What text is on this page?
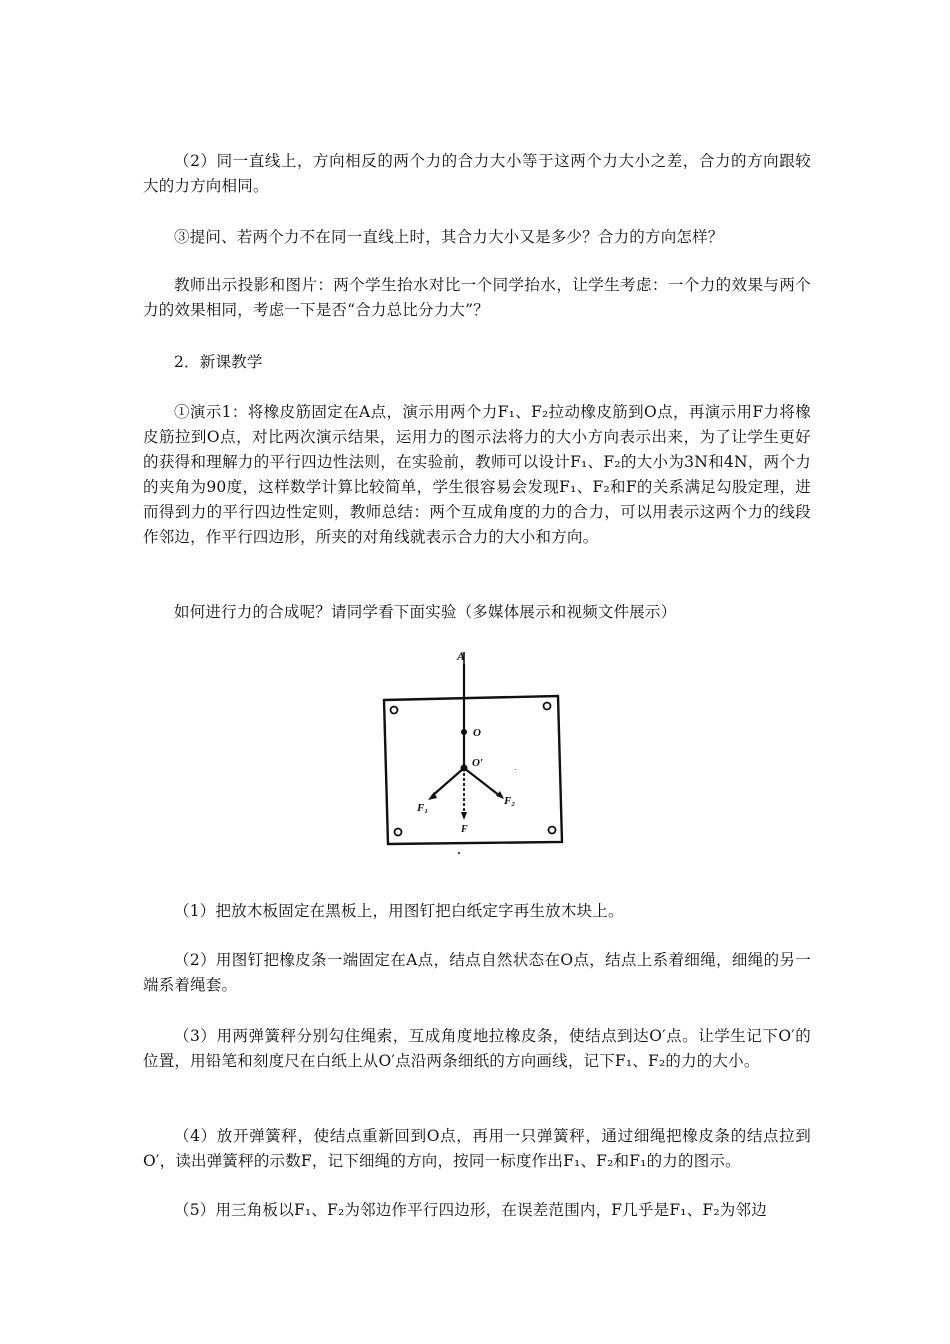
（2）同一直线上，方向相反的两个力的合力大小等于这两个力大小之差，合力的方向跟较大的力方向相同。

③提问、若两个力不在同一直线上时，其合力大小又是多少？合力的方向怎样？

教师出示投影和图片：两个学生抬水对比一个同学抬水，让学生考虑：一个力的效果与两个力的效果相同，考虑一下是否“合力总比分力大”？

2．新课教学

①演示1：将橡皮筋固定在A点，演示用两个力F₁、F₂拉动橡皮筋到O点，再演示用F力将橡皮筋拉到O点，对比两次演示结果，运用力的图示法将力的大小方向表示出来，为了让学生更好的获得和理解力的平行四边性法则，在实验前，教师可以设计F₁、F₂的大小为3N和4N，两个力的夹角为90度，这样数学计算比较简单，学生很容易会发现F₁、F₂和F的关系满足勾股定理，进而得到力的平行四边性定则，教师总结：两个互成角度的力的合力，可以用表示这两个力的线段作邻边，作平行四边形，所夹的对角线就表示合力的大小和方向。

如何进行力的合成呢？请同学看下面实验（多媒体展示和视频文件展示）

.
A
O
O′
F₁
F₂
F

（1）把放木板固定在黑板上，用图钉把白纸定字再生放木块上。

（2）用图钉把橡皮条一端固定在A点，结点自然状态在O点，结点上系着细绳，细绳的另一端系着绳套。

（3）用两弹簧秤分别勾住绳索，互成角度地拉橡皮条，使结点到达O′点。让学生记下O′的位置，用铅笔和刻度尺在白纸上从O′点沿两条细纸的方向画线，记下F₁、F₂的力的大小。

（4）放开弹簧秤，使结点重新回到O点，再用一只弹簧秤，通过细绳把橡皮条的结点拉到O′，读出弹簧秤的示数F，记下细绳的方向，按同一标度作出F₁、F₂和F₁的力的图示。

（5）用三角板以F₁、F₂为邻边作平行四边形，在误差范围内，F几乎是F₁、F₂为邻边
